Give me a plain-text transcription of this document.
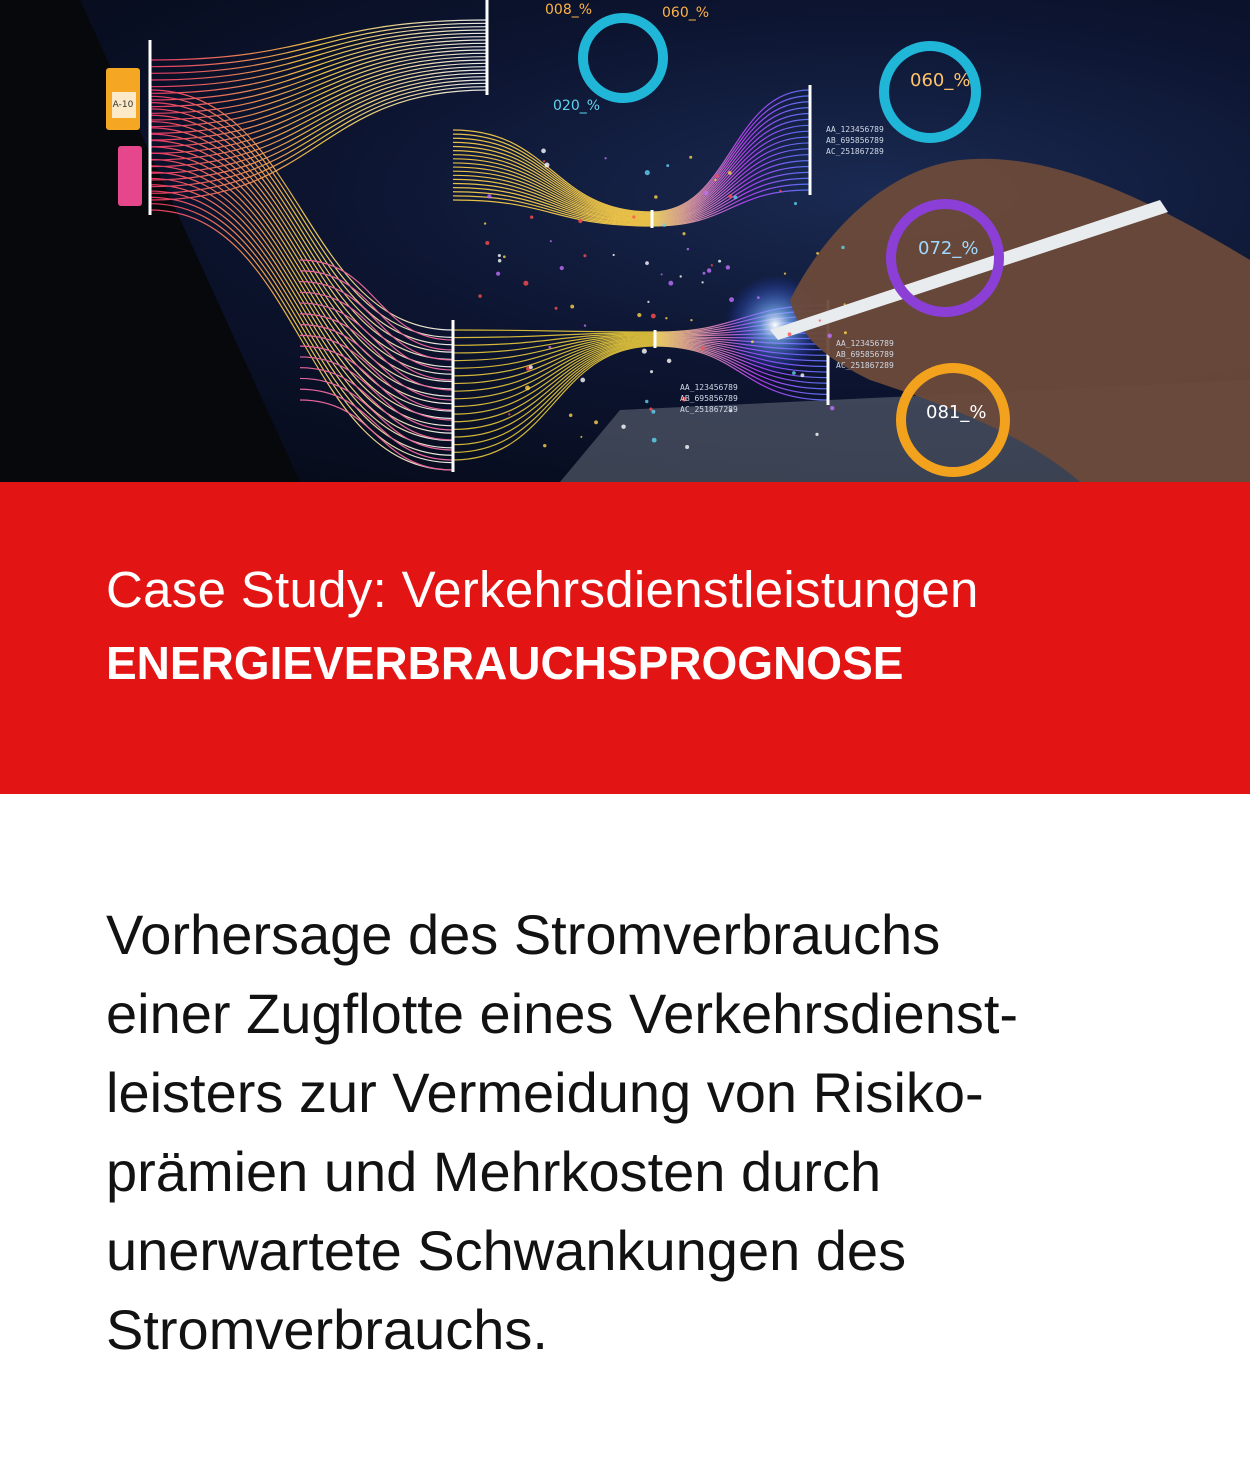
A-10
008_%	060_%
020_%
060_%
072_%
081_%
AA_123456789
AB_695856789
AC_251867289
AA_123456789
AB_695856789
AC_251867289
AA_123456789
AB_695856789
AC_251867289
Case Study: Verkehrsdienstleistungen
ENERGIEVERBRAUCHSPROGNOSE
Vorhersage des Stromverbrauchs
einer Zugflotte eines Verkehrsdienst-
leisters zur Vermeidung von Risiko-
prämien und Mehrkosten durch
unerwartete Schwankungen des
Stromverbrauchs.
